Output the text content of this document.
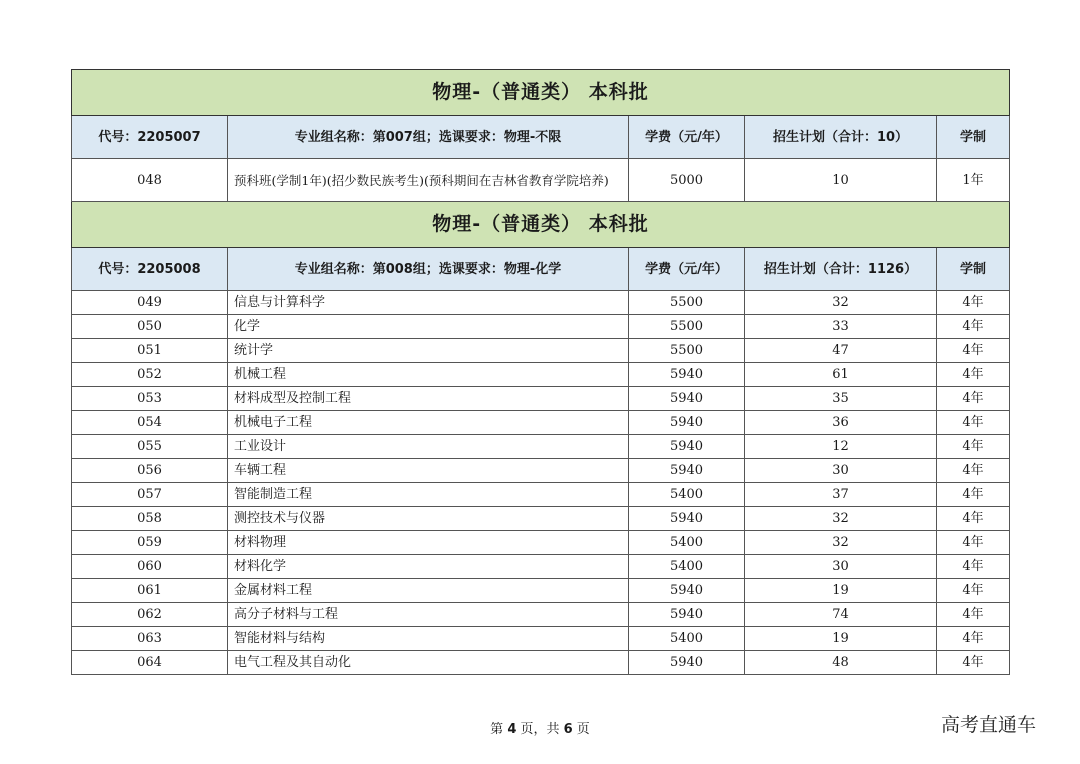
物理-（普通类） 本科批				
代号：2205007	专业组名称：第007组；选课要求：物理-不限	学费（元/年）	招生计划（合计：10）	学制
048	预科班(学制1年)(招少数民族考生)(预科期间在吉林省教育学院培养)	5000	10	1年
物理-（普通类） 本科批				
代号：2205008	专业组名称：第008组；选课要求：物理-化学	学费（元/年）	招生计划（合计：1126）	学制
049	信息与计算科学	5500	32	4年
050	化学	5500	33	4年
051	统计学	5500	47	4年
052	机械工程	5940	61	4年
053	材料成型及控制工程	5940	35	4年
054	机械电子工程	5940	36	4年
055	工业设计	5940	12	4年
056	车辆工程	5940	30	4年
057	智能制造工程	5400	37	4年
058	测控技术与仪器	5940	32	4年
059	材料物理	5400	32	4年
060	材料化学	5400	30	4年
061	金属材料工程	5940	19	4年
062	高分子材料与工程	5940	74	4年
063	智能材料与结构	5400	19	4年
064	电气工程及其自动化	5940	48	4年
第 4 页，共 6 页	高考直通车
